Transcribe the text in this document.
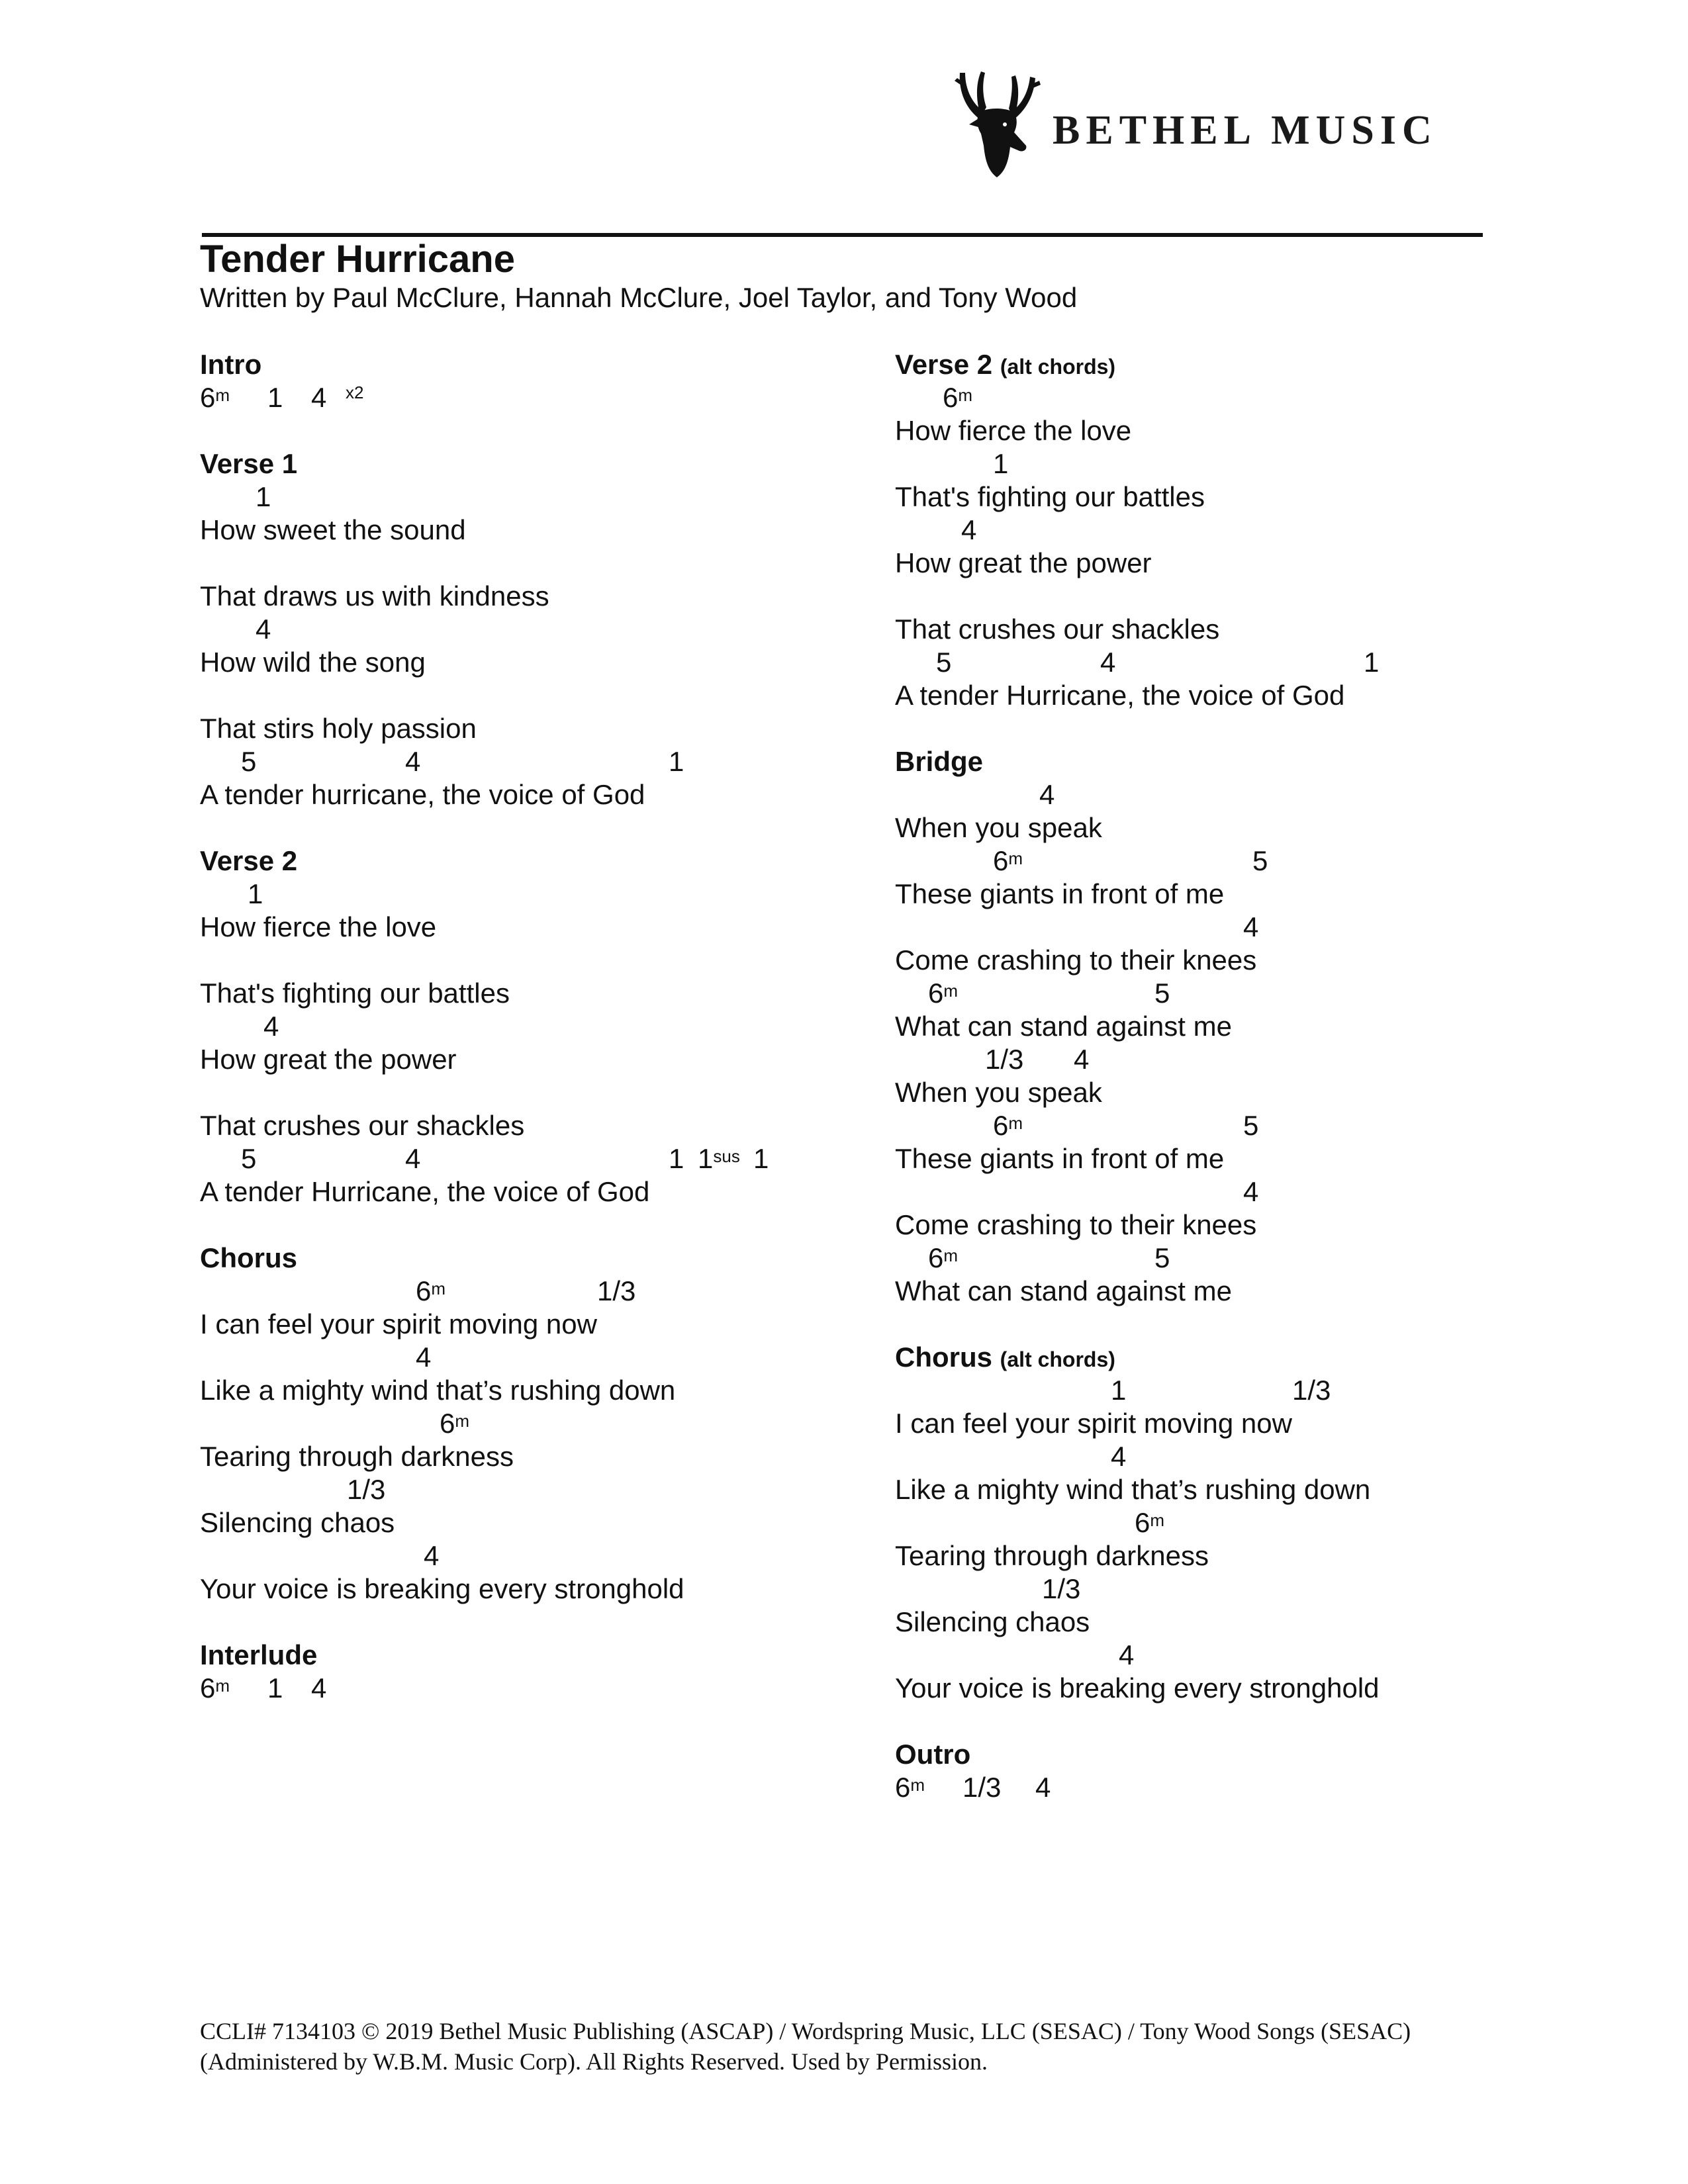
BETHEL MUSIC
Tender Hurricane
Written by Paul McClure, Hannah McClure, Joel Taylor, and Tony Wood
Intro
6$^m$ 1 4 $^{x2}$
Verse 1
1
How sweet the sound
That draws us with kindness
4
How wild the song
That stirs holy passion
5	4	1
A tender hurricane, the voice of God
Verse 2
1
How fierce the love
That's fighting our battles
4
How great the power
That crushes our shackles
5	4	1 $1^{sus}$ 1
A tender Hurricane, the voice of God
Chorus
6$^m$	1/3
I can feel your spirit moving now
4
Like a mighty wind that’s rushing down
6$^m$
Tearing through darkness
1/3
Silencing chaos
4
Your voice is breaking every stronghold
Interlude
6$^m$ 1 4
Verse 2 (alt chords)
6$^m$
How fierce the love
1
That's fighting our battles
4
How great the power
That crushes our shackles
5	4	1
A tender Hurricane, the voice of God
Bridge
4
When you speak
6$^m$	5
These giants in front of me
4
Come crashing to their knees
6$^m$	5
What can stand against me
1/3 4
When you speak
6$^m$	5
These giants in front of me
4
Come crashing to their knees
6$^m$	5
What can stand against me
Chorus (alt chords)
1	1/3
I can feel your spirit moving now
4
Like a mighty wind that’s rushing down
6$^m$
Tearing through darkness
1/3
Silencing chaos
4
Your voice is breaking every stronghold
Outro
6$^m$ 1/3 4
CCLI# 7134103 © 2019 Bethel Music Publishing (ASCAP) / Wordspring Music, LLC (SESAC) / Tony Wood Songs (SESAC) (Administered by W.B.M. Music Corp). All Rights Reserved. Used by Permission.
